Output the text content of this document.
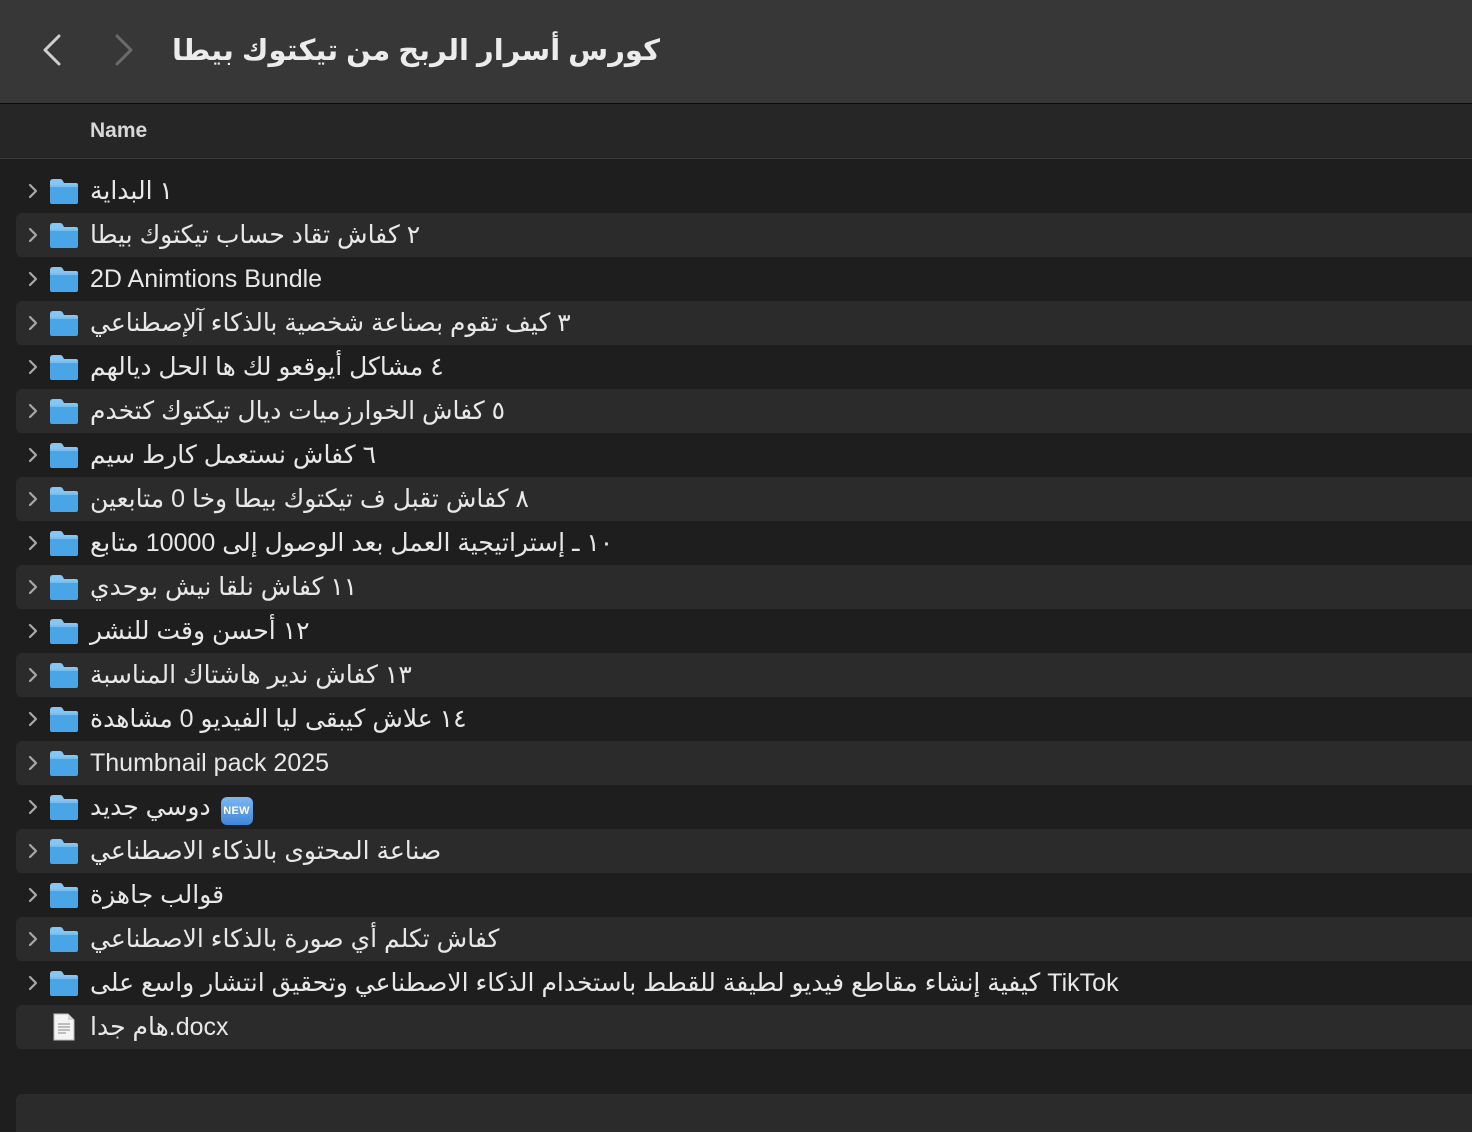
كورس أسرار الربح من تيكتوك بيطا
Name
١ البداية
٢ كفاش تقاد حساب تيكتوك بيطا
2D Animtions Bundle
٣ كيف تقوم بصناعة شخصية بالذكاء آلإصطناعي
٤ مشاكل أيوقعو لك ها الحل ديالهم
٥ كفاش الخوارزميات ديال تيكتوك كتخدم
٦ كفاش نستعمل كارط سيم
٨ كفاش تقبل ف تيكتوك بيطا وخا 0 متابعين
١٠ ـ إستراتيجية العمل بعد الوصول إلى 10000 متابع
١١ كفاش نلقا نيش بوحدي
١٢ أحسن وقت للنشر
١٣ كفاش ندير هاشتاك المناسبة
١٤ علاش كيبقى ليا الفيديو 0 مشاهدة
Thumbnail pack 2025
دوسي جديد NEW
صناعة المحتوى بالذكاء الاصطناعي
قوالب جاهزة
كفاش تكلم أي صورة بالذكاء الاصطناعي
كيفية إنشاء مقاطع فيديو لطيفة للقطط باستخدام الذكاء الاصطناعي وتحقيق انتشار واسع على TikTok
هام جدا.docx
